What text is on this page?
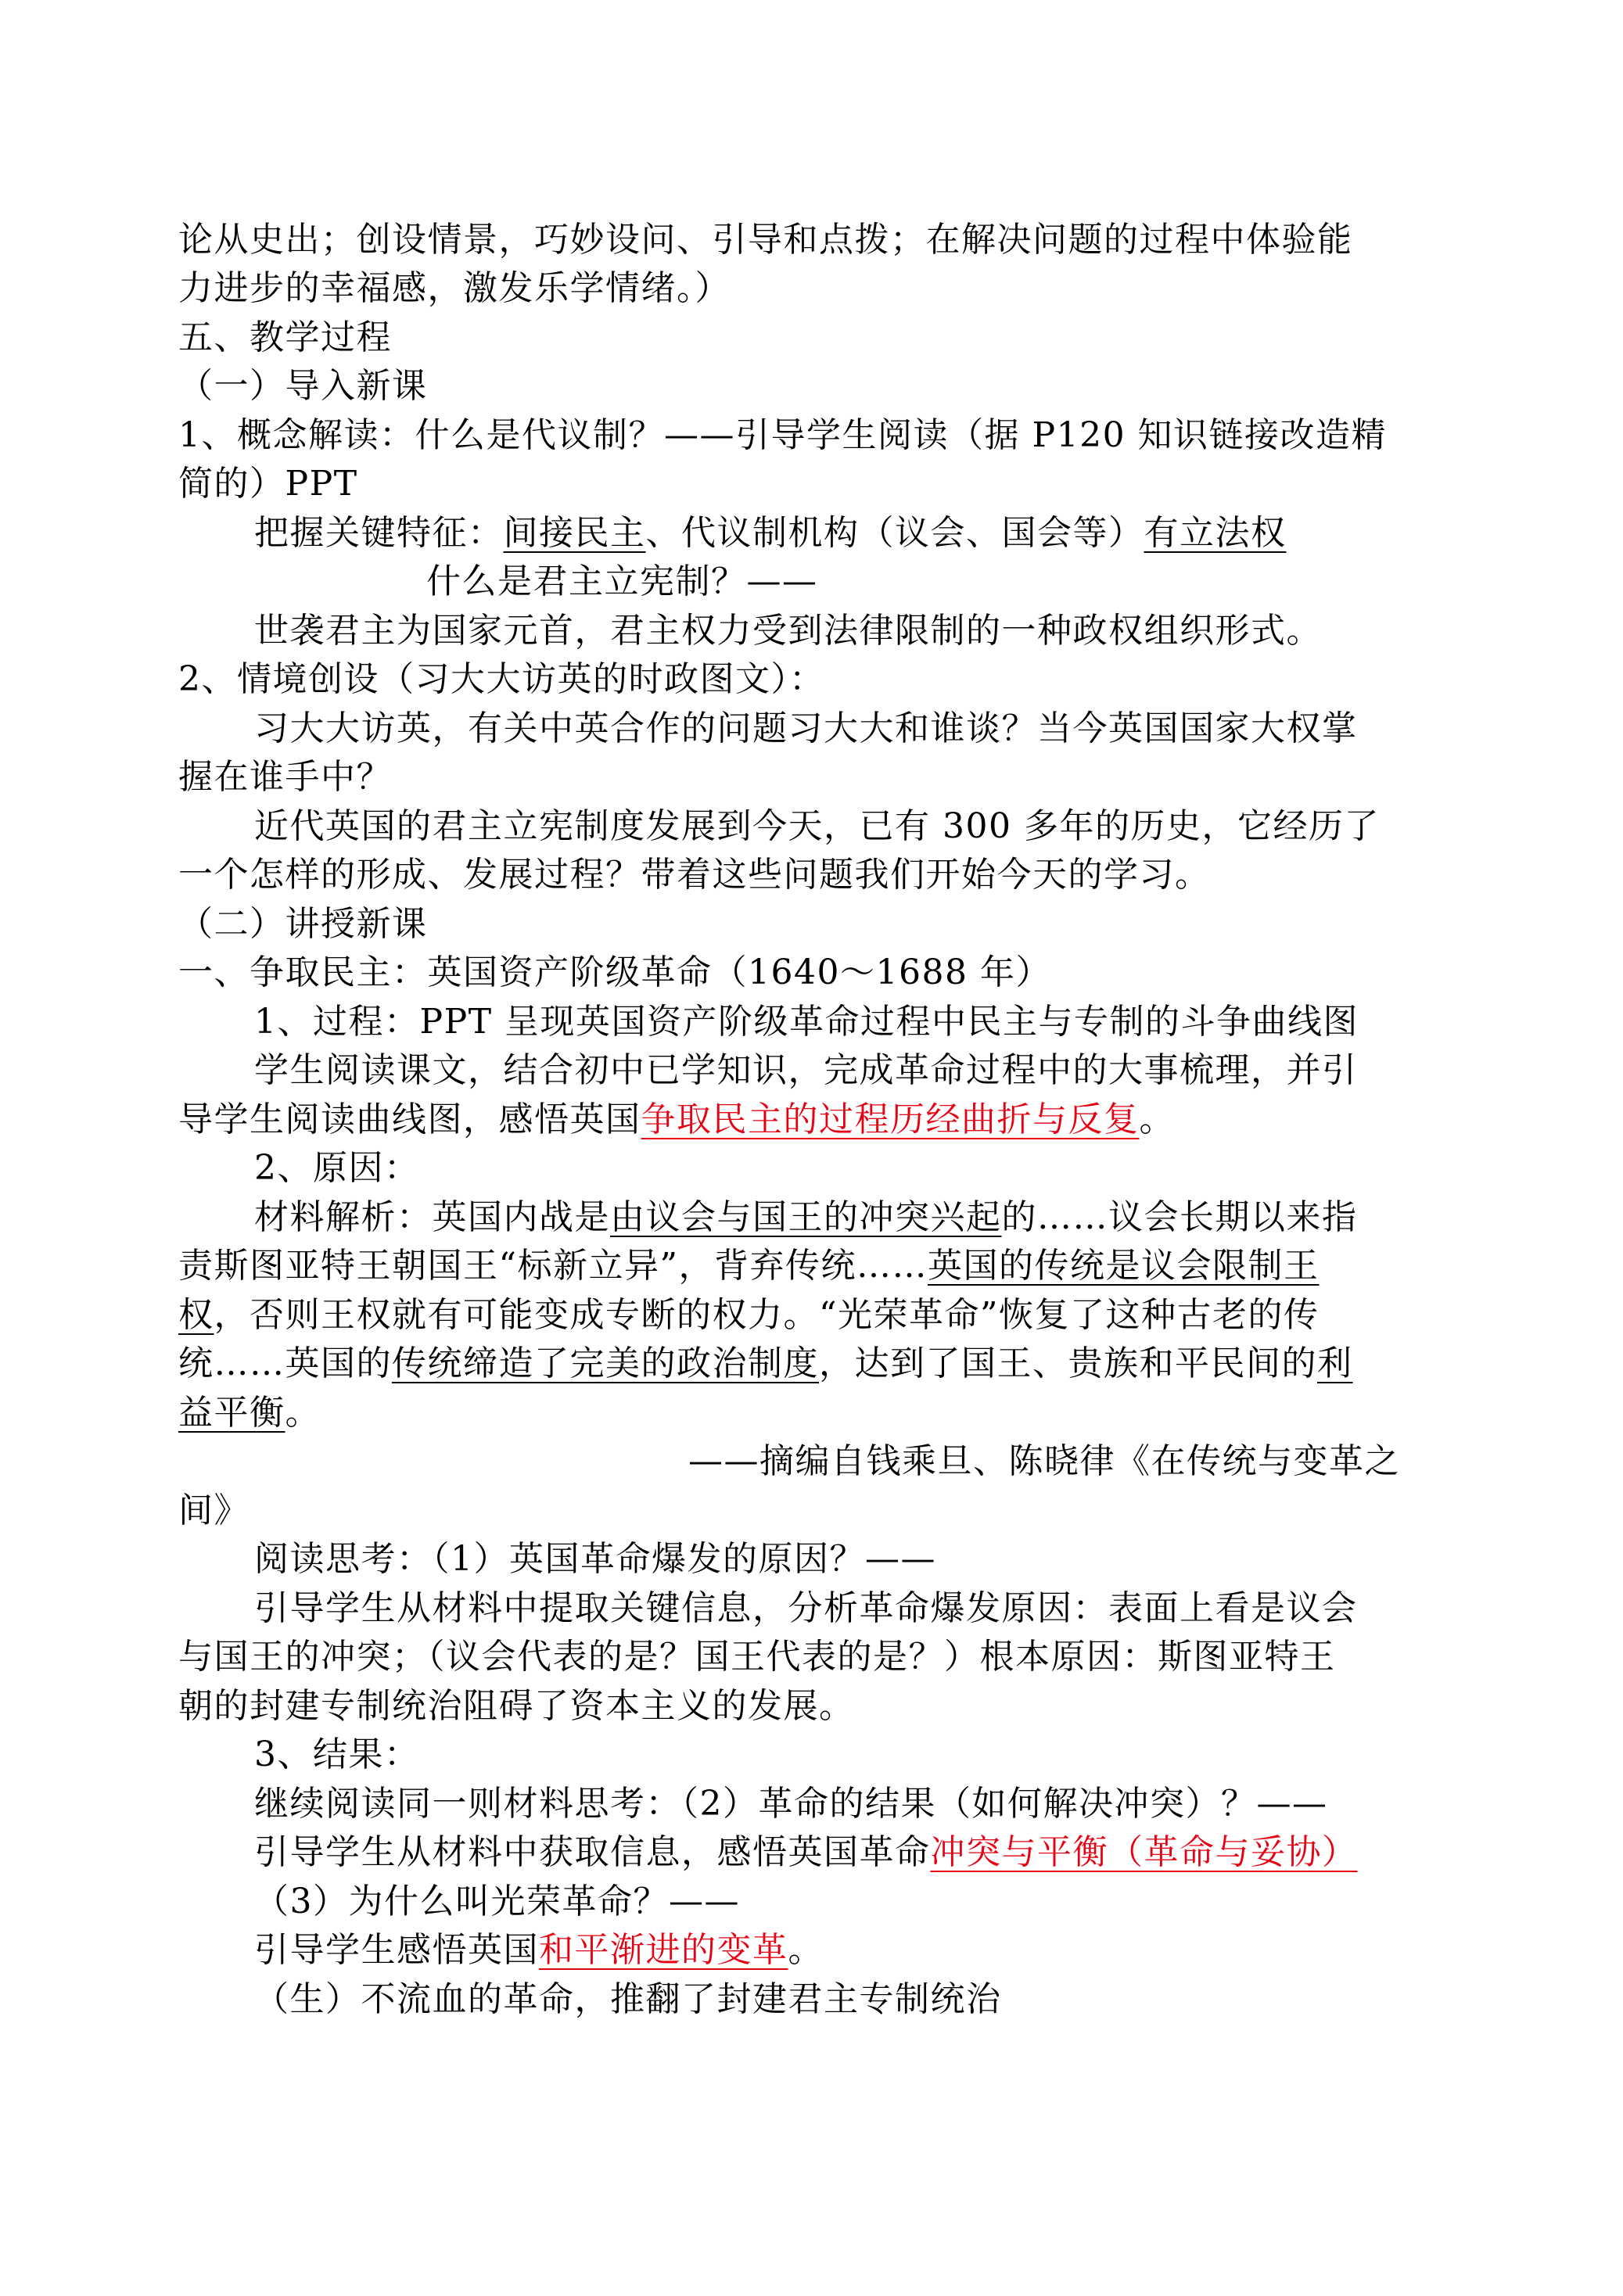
论从史出；创设情景，巧妙设问、引导和点拨；在解决问题的过程中体验能
力进步的幸福感，激发乐学情绪。）
五、教学过程
（一）导入新课
1、概念解读：什么是代议制？——引导学生阅读（据 P120 知识链接改造精
简的）PPT
把握关键特征：间接民主、代议制机构（议会、国会等）有立法权
什么是君主立宪制？——
世袭君主为国家元首，君主权力受到法律限制的一种政权组织形式。
2、情境创设（习大大访英的时政图文）：
习大大访英，有关中英合作的问题习大大和谁谈？当今英国国家大权掌
握在谁手中？
近代英国的君主立宪制度发展到今天，已有 300 多年的历史，它经历了
一个怎样的形成、发展过程？带着这些问题我们开始今天的学习。
（二）讲授新课
一、争取民主：英国资产阶级革命（1640～1688 年）
1、过程：PPT 呈现英国资产阶级革命过程中民主与专制的斗争曲线图
学生阅读课文，结合初中已学知识，完成革命过程中的大事梳理，并引
导学生阅读曲线图，感悟英国争取民主的过程历经曲折与反复。
2、原因：
材料解析：英国内战是由议会与国王的冲突兴起的……议会长期以来指
责斯图亚特王朝国王“标新立异”，背弃传统……英国的传统是议会限制王
权，否则王权就有可能变成专断的权力。“光荣革命”恢复了这种古老的传
统……英国的传统缔造了完美的政治制度，达到了国王、贵族和平民间的利
益平衡。
——摘编自钱乘旦、陈晓律《在传统与变革之
间》
阅读思考：（1）英国革命爆发的原因？——
引导学生从材料中提取关键信息，分析革命爆发原因：表面上看是议会
与国王的冲突；（议会代表的是？国王代表的是？）根本原因：斯图亚特王
朝的封建专制统治阻碍了资本主义的发展。
3、结果：
继续阅读同一则材料思考：（2）革命的结果（如何解决冲突）？——
引导学生从材料中获取信息，感悟英国革命冲突与平衡（革命与妥协）
（3）为什么叫光荣革命？——
引导学生感悟英国和平渐进的变革。
（生）不流血的革命，推翻了封建君主专制统治
